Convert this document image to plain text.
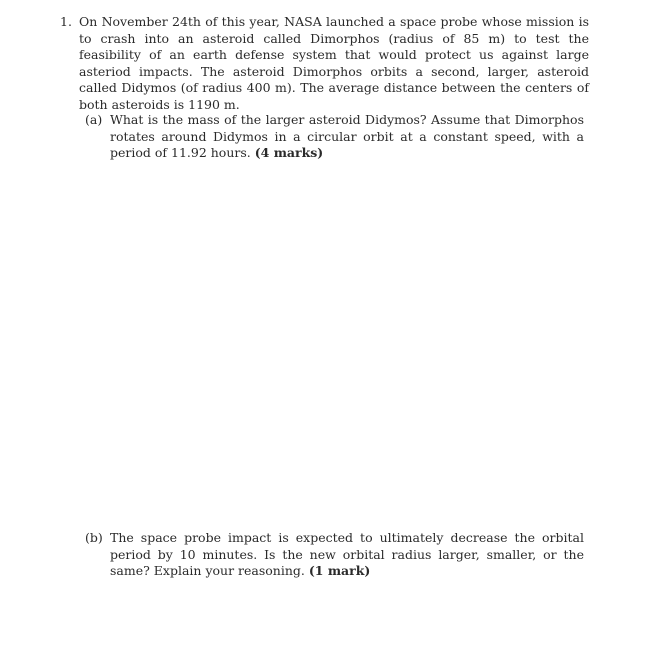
1. On November 24th of this year, NASA launched a space probe whose mission is to crash into an asteroid called Dimorphos (radius of 85 m) to test the feasibility of an earth defense system that would protect us against large asteriod impacts. The asteroid Dimorphos orbits a second, larger, asteroid called Didymos (of radius 400 m). The average distance between the centers of both asteroids is 1190 m.
(a) What is the mass of the larger asteroid Didymos? Assume that Dimorphos rotates around Didymos in a circular orbit at a constant speed, with a period of 11.92 hours. (4 marks)
(b) The space probe impact is expected to ultimately decrease the orbital period by 10 minutes. Is the new orbital radius larger, smaller, or the same? Explain your reasoning. (1 mark)
